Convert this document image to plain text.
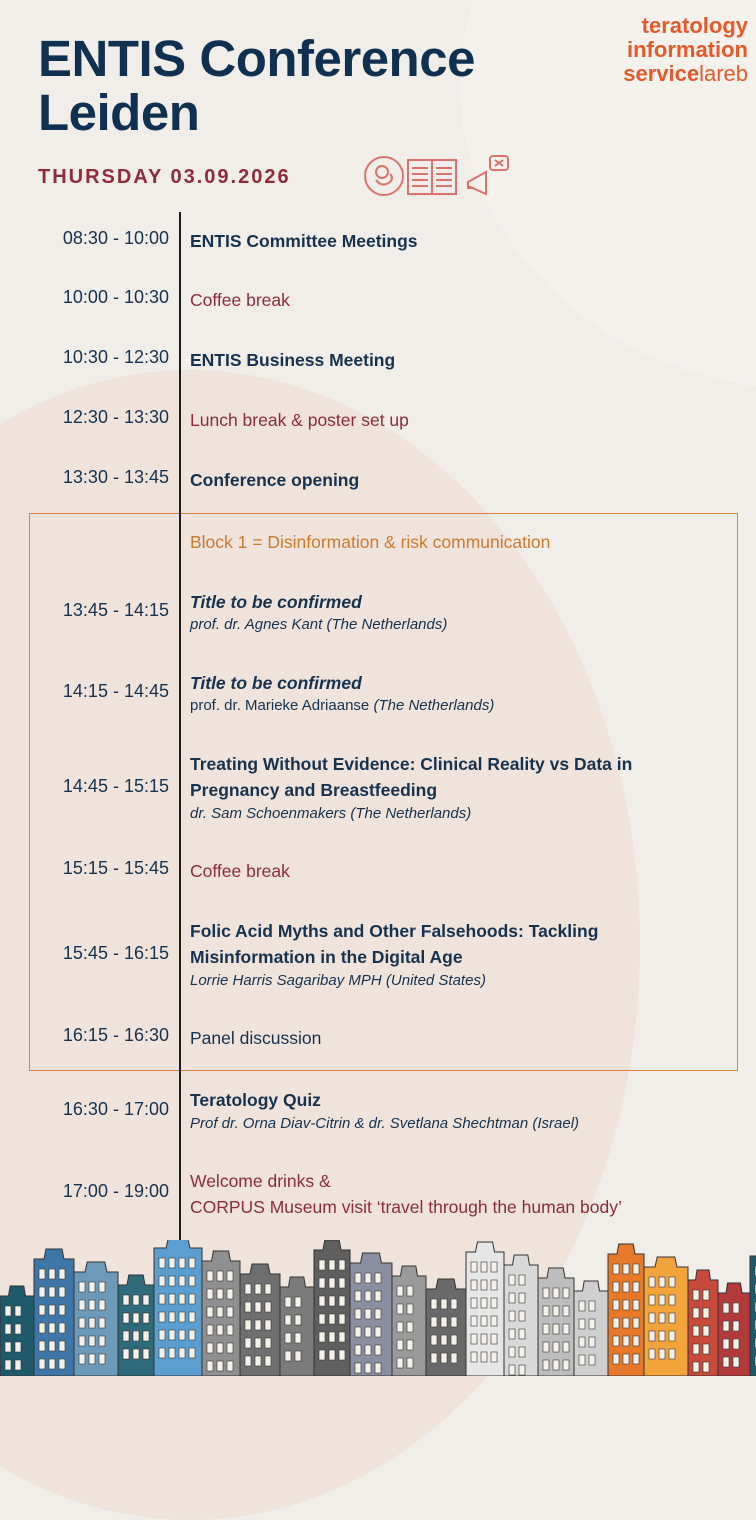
ENTIS Conference
Leiden
THURSDAY 03.09.2026
teratology
information
servicelareb
08:30 - 10:00 ENTIS Committee Meetings
10:00 - 10:30 Coffee break
10:30 - 12:30 ENTIS Business Meeting
12:30 - 13:30 Lunch break & poster set up
13:30 - 13:45 Conference opening
Block 1 = Disinformation & risk communication
13:45 - 14:15 Title to be confirmed
prof. dr. Agnes Kant (The Netherlands)
14:15 - 14:45 Title to be confirmed
prof. dr. Marieke Adriaanse (The Netherlands)
14:45 - 15:15
Treating Without Evidence: Clinical Reality vs Data in
Pregnancy and Breastfeeding
dr. Sam Schoenmakers (The Netherlands)
15:15 - 15:45 Coffee break
15:45 - 16:15
Folic Acid Myths and Other Falsehoods: Tackling
Misinformation in the Digital Age
Lorrie Harris Sagaribay MPH (United States)
16:15 - 16:30 Panel discussion
16:30 - 17:00 Teratology Quiz
Prof dr. Orna Diav-Citrin & dr. Svetlana Shechtman (Israel)
17:00 - 19:00 Welcome drinks &
CORPUS Museum visit ‘travel through the human body’
